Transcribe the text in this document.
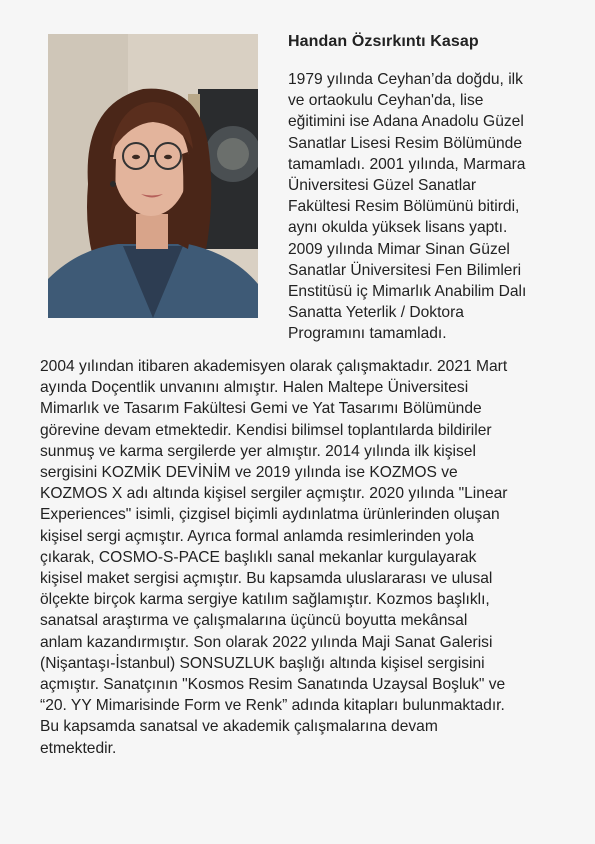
Handan Özsırkıntı Kasap
1979 yılında Ceyhan’da doğdu, ilk
ve ortaokulu Ceyhan'da, lise
eğitimini ise Adana Anadolu Güzel
Sanatlar Lisesi Resim Bölümünde
tamamladı. 2001 yılında, Marmara
Üniversitesi Güzel Sanatlar
Fakültesi Resim Bölümünü bitirdi,
aynı okulda yüksek lisans yaptı.
2009 yılında Mimar Sinan Güzel
Sanatlar Üniversitesi Fen Bilimleri
Enstitüsü iç Mimarlık Anabilim Dalı
Sanatta Yeterlik / Doktora
Programını tamamladı.
2004 yılından itibaren akademisyen olarak çalışmaktadır. 2021 Mart
ayında Doçentlik unvanını almıştır. Halen Maltepe Üniversitesi
Mimarlık ve Tasarım Fakültesi Gemi ve Yat Tasarımı Bölümünde
görevine devam etmektedir. Kendisi bilimsel toplantılarda bildiriler
sunmuş ve karma sergilerde yer almıştır. 2014 yılında ilk kişisel
sergisini KOZMİK DEVİNİM ve 2019 yılında ise KOZMOS ve
KOZMOS X adı altında kişisel sergiler açmıştır. 2020 yılında "Linear
Experiences" isimli, çizgisel biçimli aydınlatma ürünlerinden oluşan
kişisel sergi açmıştır. Ayrıca formal anlamda resimlerinden yola
çıkarak, COSMO-S-PACE başlıklı sanal mekanlar kurgulayarak
kişisel maket sergisi açmıştır. Bu kapsamda uluslararası ve ulusal
ölçekte birçok karma sergiye katılım sağlamıştır. Kozmos başlıklı,
sanatsal araştırma ve çalışmalarına üçüncü boyutta mekânsal
anlam kazandırmıştır. Son olarak 2022 yılında Maji Sanat Galerisi
(Nişantaşı-İstanbul) SONSUZLUK başlığı altında kişisel sergisini
açmıştır. Sanatçının "Kosmos Resim Sanatında Uzaysal Boşluk" ve
“20. YY Mimarisinde Form ve Renk” adında kitapları bulunmaktadır.
Bu kapsamda sanatsal ve akademik çalışmalarına devam
etmektedir.
